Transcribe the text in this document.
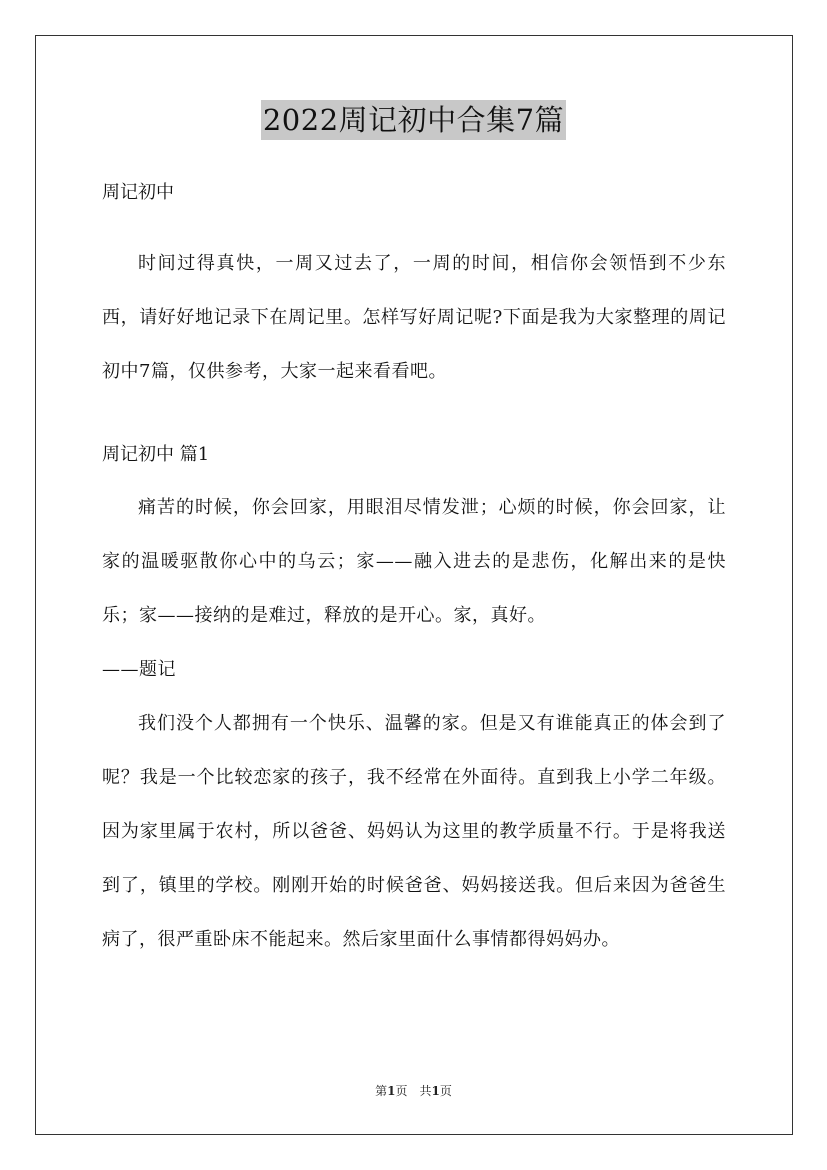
2022周记初中合集7篇

周记初中

时间过得真快，一周又过去了，一周的时间，相信你会领悟到不少东西，请好好地记录下在周记里。怎样写好周记呢?下面是我为大家整理的周记初中7篇，仅供参考，大家一起来看看吧。

周记初中 篇1

痛苦的时候，你会回家，用眼泪尽情发泄；心烦的时候，你会回家，让家的温暖驱散你心中的乌云；家——融入进去的是悲伤，化解出来的是快乐；家——接纳的是难过，释放的是开心。家，真好。

——题记

我们没个人都拥有一个快乐、温馨的家。但是又有谁能真正的体会到了呢？我是一个比较恋家的孩子，我不经常在外面待。直到我上小学二年级。因为家里属于农村，所以爸爸、妈妈认为这里的教学质量不行。于是将我送到了，镇里的学校。刚刚开始的时候爸爸、妈妈接送我。但后来因为爸爸生病了，很严重卧床不能起来。然后家里面什么事情都得妈妈办。

第1页　共1页
